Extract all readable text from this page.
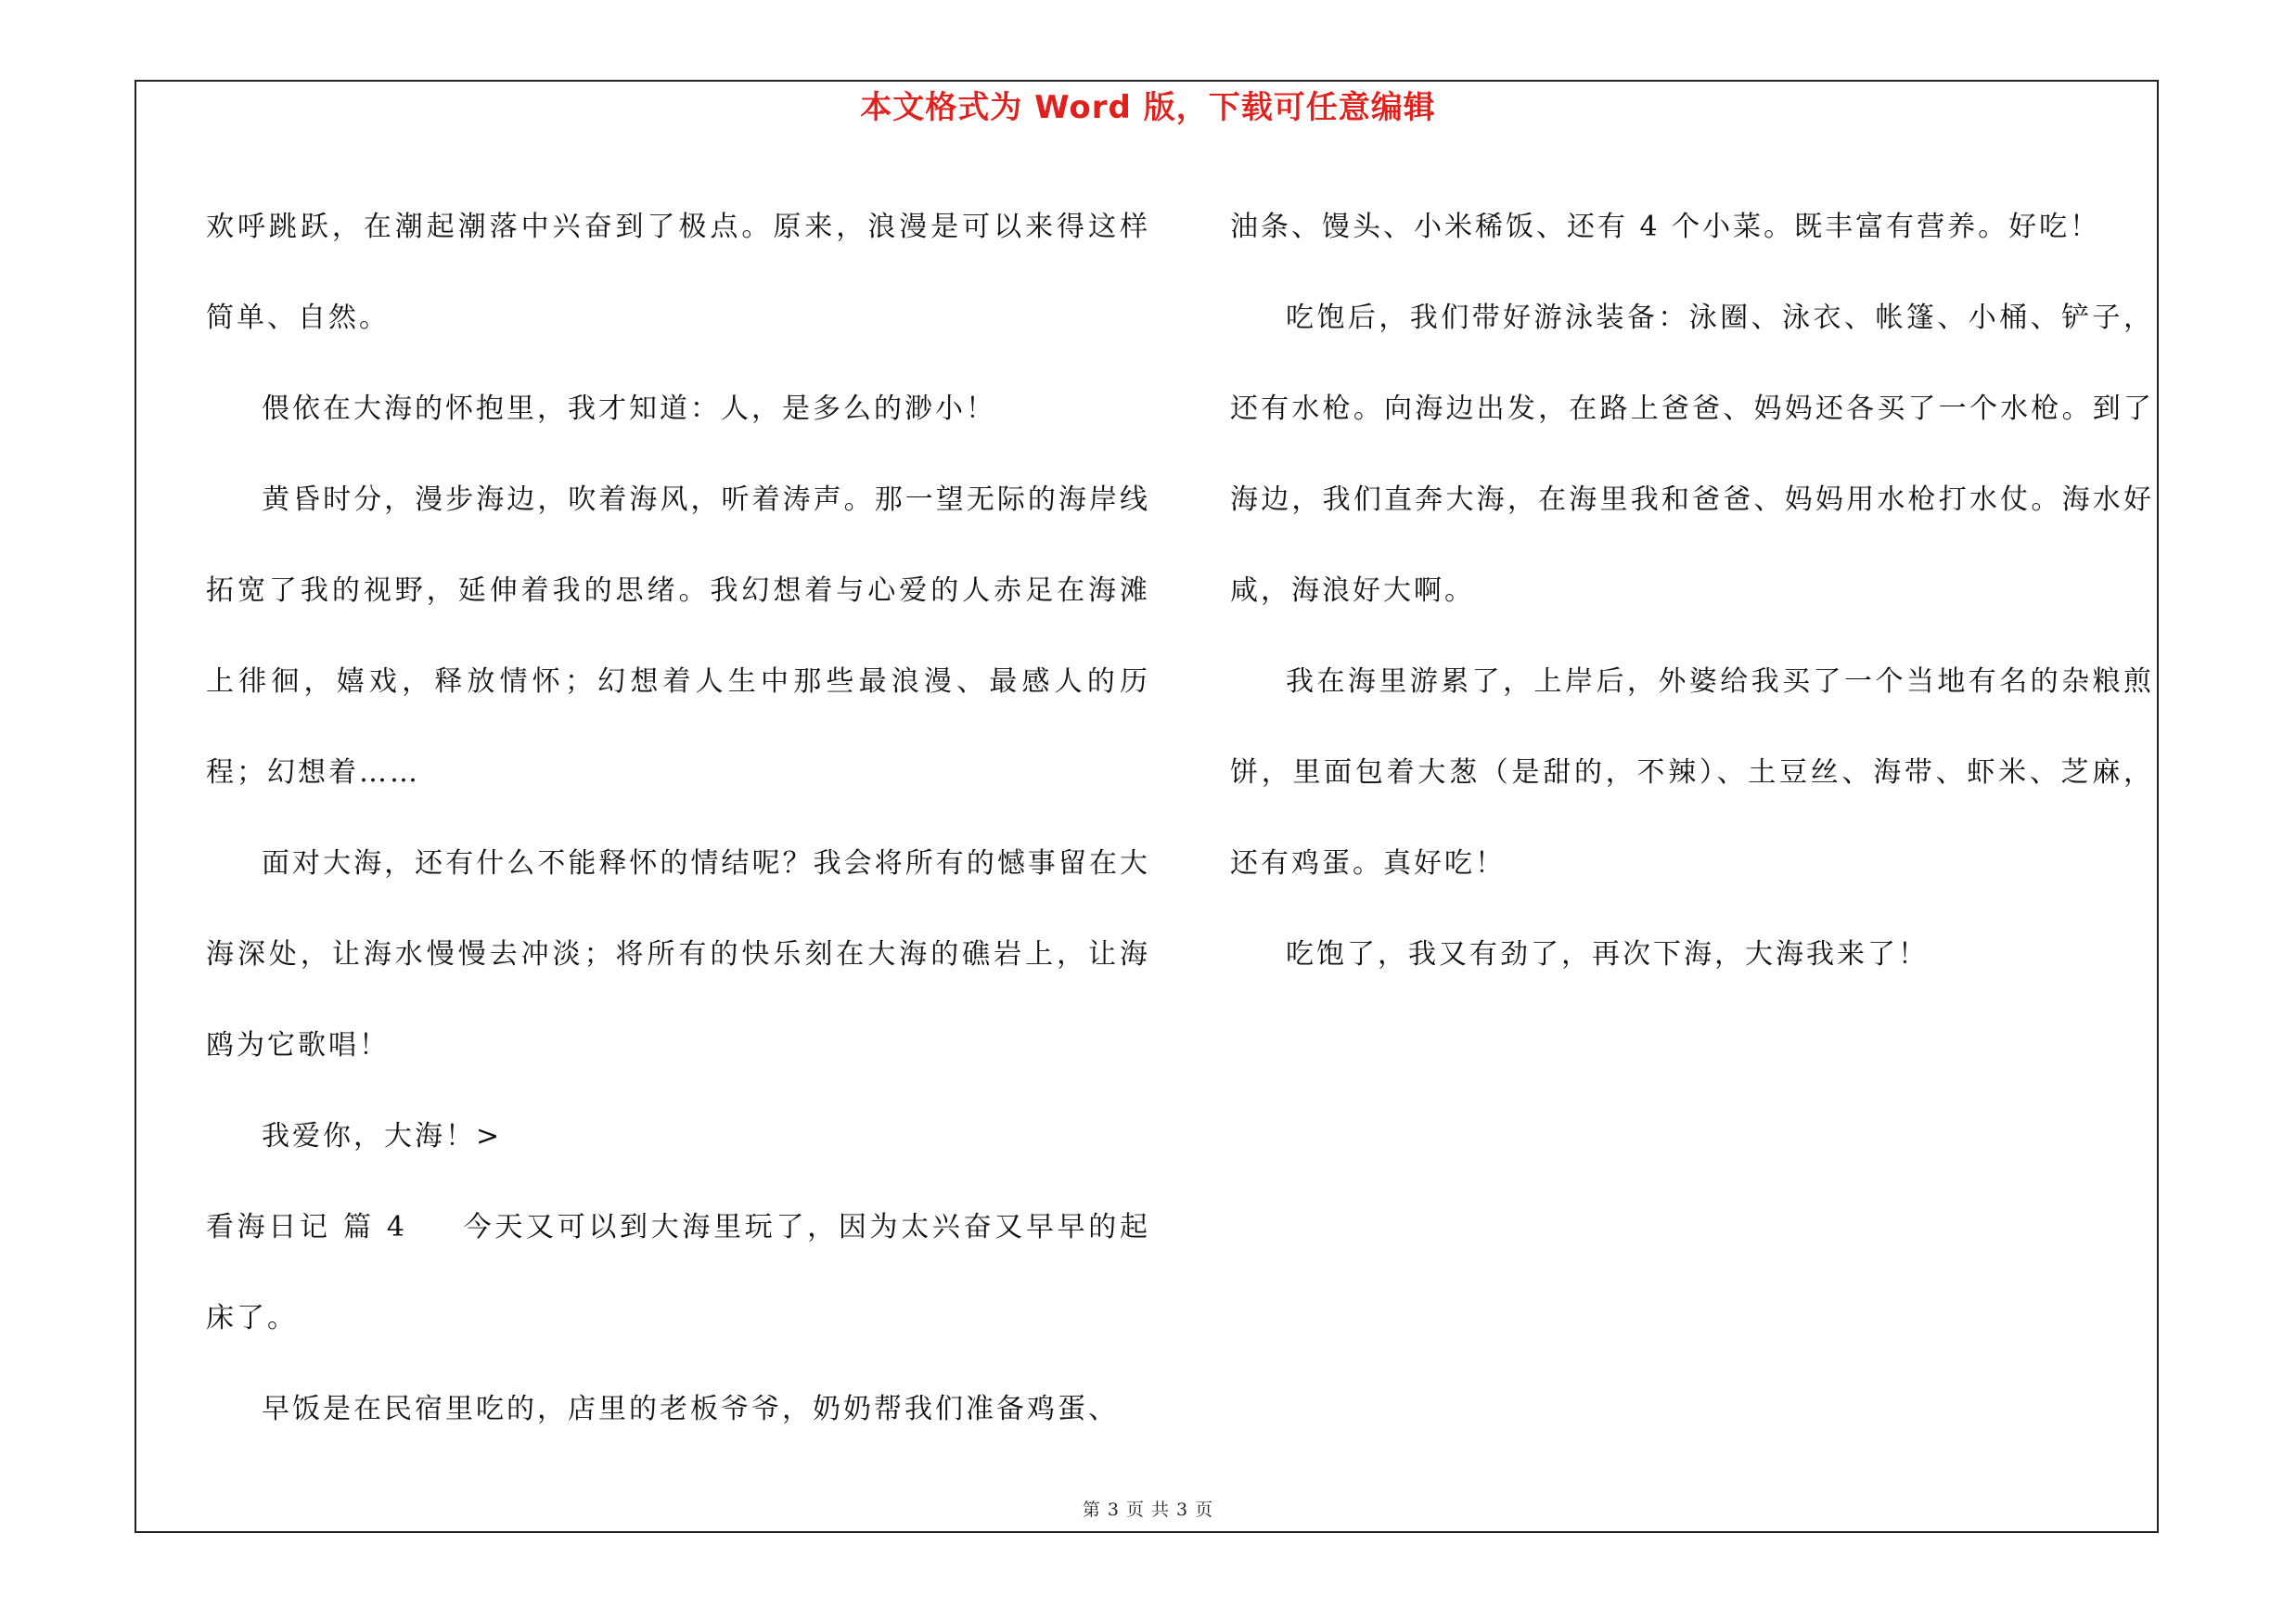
本文格式为 Word 版，下载可任意编辑

欢呼跳跃，在潮起潮落中兴奋到了极点。原来，浪漫是可以来得这样简单、自然。

偎依在大海的怀抱里，我才知道：人，是多么的渺小！

黄昏时分，漫步海边，吹着海风，听着涛声。那一望无际的海岸线拓宽了我的视野，延伸着我的思绪。我幻想着与心爱的人赤足在海滩上徘徊，嬉戏，释放情怀；幻想着人生中那些最浪漫、最感人的历程；幻想着……

面对大海，还有什么不能释怀的情结呢？我会将所有的憾事留在大海深处，让海水慢慢去冲淡；将所有的快乐刻在大海的礁岩上，让海鸥为它歌唱！

我爱你，大海！>

看海日记 篇 4 今天又可以到大海里玩了，因为太兴奋又早早的起床了。

早饭是在民宿里吃的，店里的老板爷爷，奶奶帮我们准备鸡蛋、

油条、馒头、小米稀饭、还有 4 个小菜。既丰富有营养。好吃！

吃饱后，我们带好游泳装备：泳圈、泳衣、帐篷、小桶、铲子，还有水枪。向海边出发，在路上爸爸、妈妈还各买了一个水枪。到了海边，我们直奔大海，在海里我和爸爸、妈妈用水枪打水仗。海水好咸，海浪好大啊。

我在海里游累了，上岸后，外婆给我买了一个当地有名的杂粮煎饼，里面包着大葱（是甜的，不辣）、土豆丝、海带、虾米、芝麻，还有鸡蛋。真好吃！

吃饱了，我又有劲了，再次下海，大海我来了！

第 3 页 共 3 页
